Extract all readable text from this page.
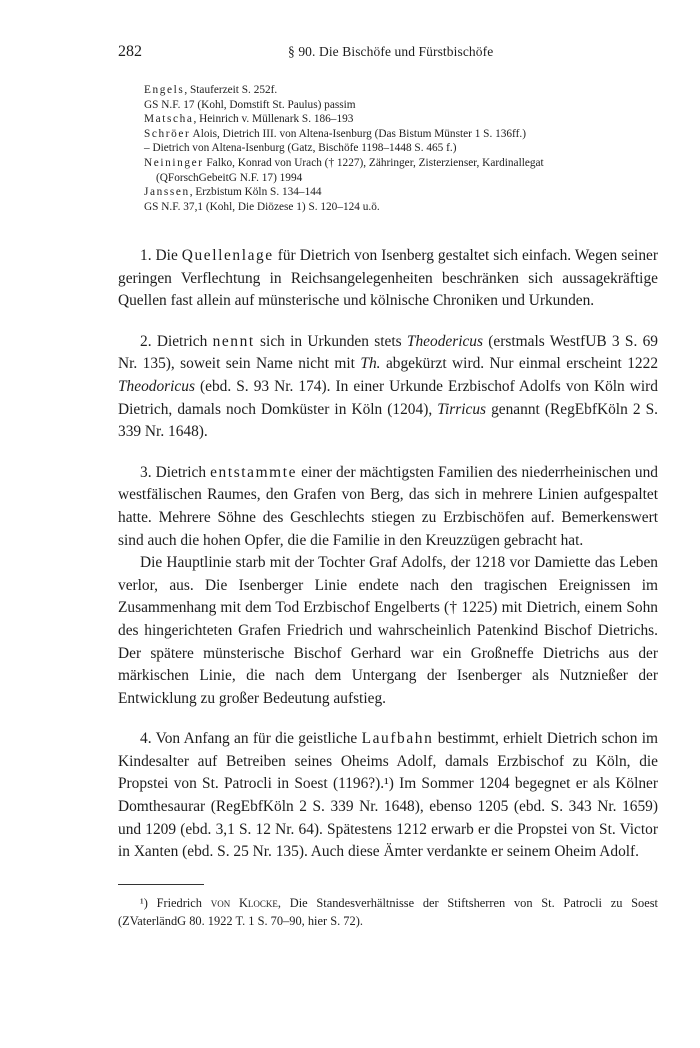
282	§ 90. Die Bischöfe und Fürstbischöfe
Engels, Stauferzeit S. 252f.
GS N.F. 17 (Kohl, Domstift St. Paulus) passim
Matscha, Heinrich v. Müllenark S. 186–193
Schröer Alois, Dietrich III. von Altena-Isenburg (Das Bistum Münster 1 S. 136ff.)
– Dietrich von Altena-Isenburg (Gatz, Bischöfe 1198–1448 S. 465 f.)
Neininger Falko, Konrad von Urach († 1227), Zähringer, Zisterzienser, Kardinallegat
(QForschGebeitG N.F. 17) 1994
Janssen, Erzbistum Köln S. 134–144
GS N.F. 37,1 (Kohl, Die Diözese 1) S. 120–124 u.ö.

1. Die Quellenlage für Dietrich von Isenberg gestaltet sich einfach. Wegen seiner geringen Verflechtung in Reichsangelegenheiten beschränken sich aussagekräftige Quellen fast allein auf münsterische und kölnische Chroniken und Urkunden.

2. Dietrich nennt sich in Urkunden stets Theodericus (erstmals WestfUB 3 S. 69 Nr. 135), soweit sein Name nicht mit Th. abgekürzt wird. Nur einmal erscheint 1222 Theodoricus (ebd. S. 93 Nr. 174). In einer Urkunde Erzbischof Adolfs von Köln wird Dietrich, damals noch Domküster in Köln (1204), Tirricus genannt (RegEbfKöln 2 S. 339 Nr. 1648).

3. Dietrich entstammte einer der mächtigsten Familien des niederrheinischen und westfälischen Raumes, den Grafen von Berg, das sich in mehrere Linien aufgespaltet hatte. Mehrere Söhne des Geschlechts stiegen zu Erzbischöfen auf. Bemerkenswert sind auch die hohen Opfer, die die Familie in den Kreuzzügen gebracht hat.

Die Hauptlinie starb mit der Tochter Graf Adolfs, der 1218 vor Damiette das Leben verlor, aus. Die Isenberger Linie endete nach den tragischen Ereignissen im Zusammenhang mit dem Tod Erzbischof Engelberts († 1225) mit Dietrich, einem Sohn des hingerichteten Grafen Friedrich und wahrscheinlich Patenkind Bischof Dietrichs. Der spätere münsterische Bischof Gerhard war ein Großneffe Dietrichs aus der märkischen Linie, die nach dem Untergang der Isenberger als Nutznießer der Entwicklung zu großer Bedeutung aufstieg.

4. Von Anfang an für die geistliche Laufbahn bestimmt, erhielt Dietrich schon im Kindesalter auf Betreiben seines Oheims Adolf, damals Erzbischof zu Köln, die Propstei von St. Patrocli in Soest (1196?).¹) Im Sommer 1204 begegnet er als Kölner Domthesaurar (RegEbfKöln 2 S. 339 Nr. 1648), ebenso 1205 (ebd. S. 343 Nr. 1659) und 1209 (ebd. 3,1 S. 12 Nr. 64). Spätestens 1212 erwarb er die Propstei von St. Victor in Xanten (ebd. S. 25 Nr. 135). Auch diese Ämter verdankte er seinem Oheim Adolf.

¹) Friedrich von Klocke, Die Standesverhältnisse der Stiftsherren von St. Patrocli zu Soest (ZVaterländG 80. 1922 T. 1 S. 70–90, hier S. 72).
